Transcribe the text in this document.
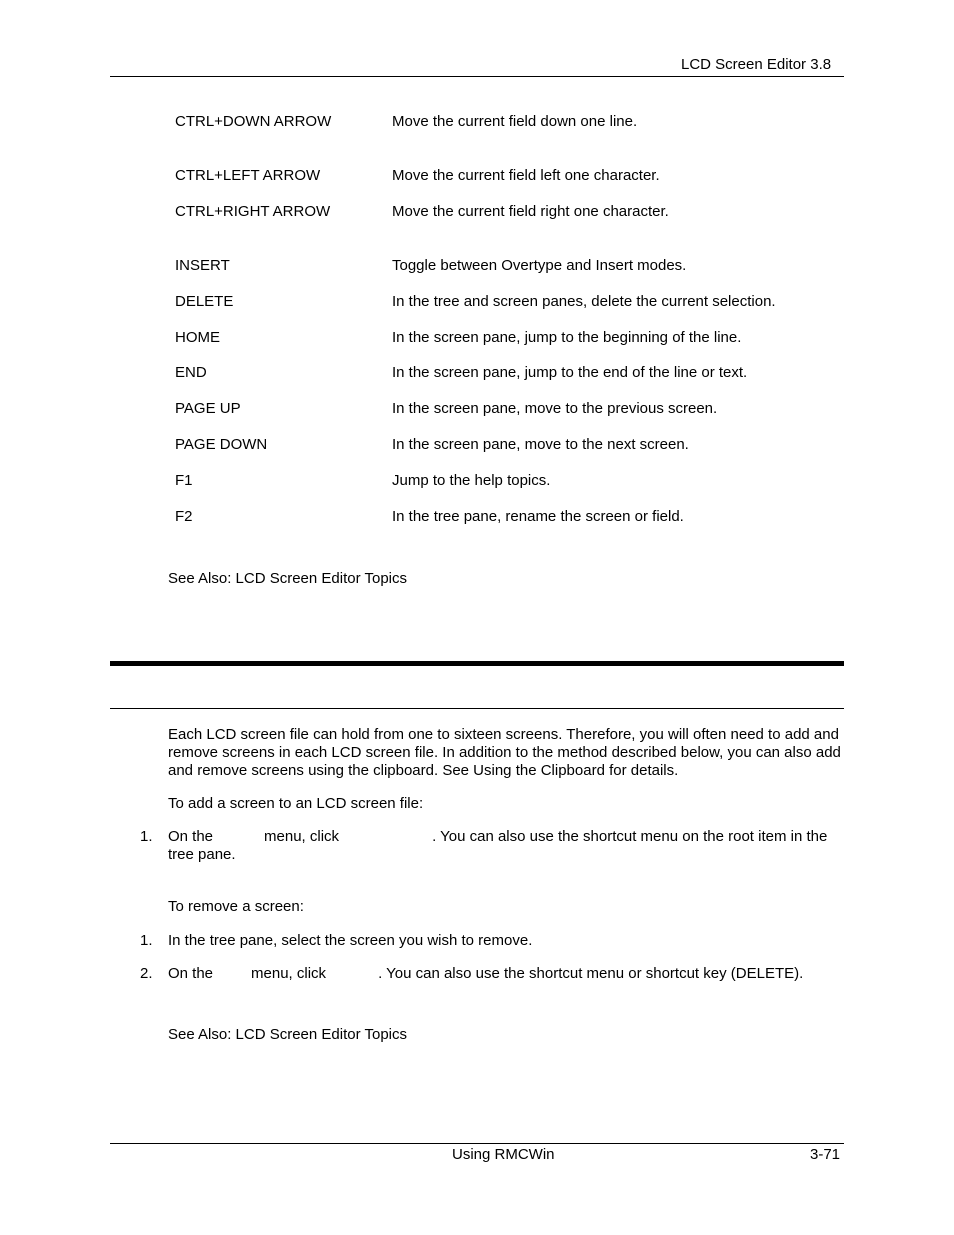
LCD Screen Editor 3.8
CTRL+DOWN ARROW	Move the current field down one line.
CTRL+LEFT ARROW	Move the current field left one character.
CTRL+RIGHT ARROW	Move the current field right one character.
INSERT	Toggle between Overtype and Insert modes.
DELETE	In the tree and screen panes, delete the current selection.
HOME	In the screen pane, jump to the beginning of the line.
END	In the screen pane, jump to the end of the line or text.
PAGE UP	In the screen pane, move to the previous screen.
PAGE DOWN	In the screen pane, move to the next screen.
F1	Jump to the help topics.
F2	In the tree pane, rename the screen or field.
See Also: LCD Screen Editor Topics
Each LCD screen file can hold from one to sixteen screens. Therefore, you will often need to add and remove screens in each LCD screen file. In addition to the method described below, you can also add and remove screens using the clipboard. See Using the Clipboard for details.
To add a screen to an LCD screen file:
1. On the	menu, click	. You can also use the shortcut menu on the root item in the tree pane.
To remove a screen:
1. In the tree pane, select the screen you wish to remove.
2. On the	menu, click	. You can also use the shortcut menu or shortcut key (DELETE).
See Also: LCD Screen Editor Topics
Using RMCWin	3-71
